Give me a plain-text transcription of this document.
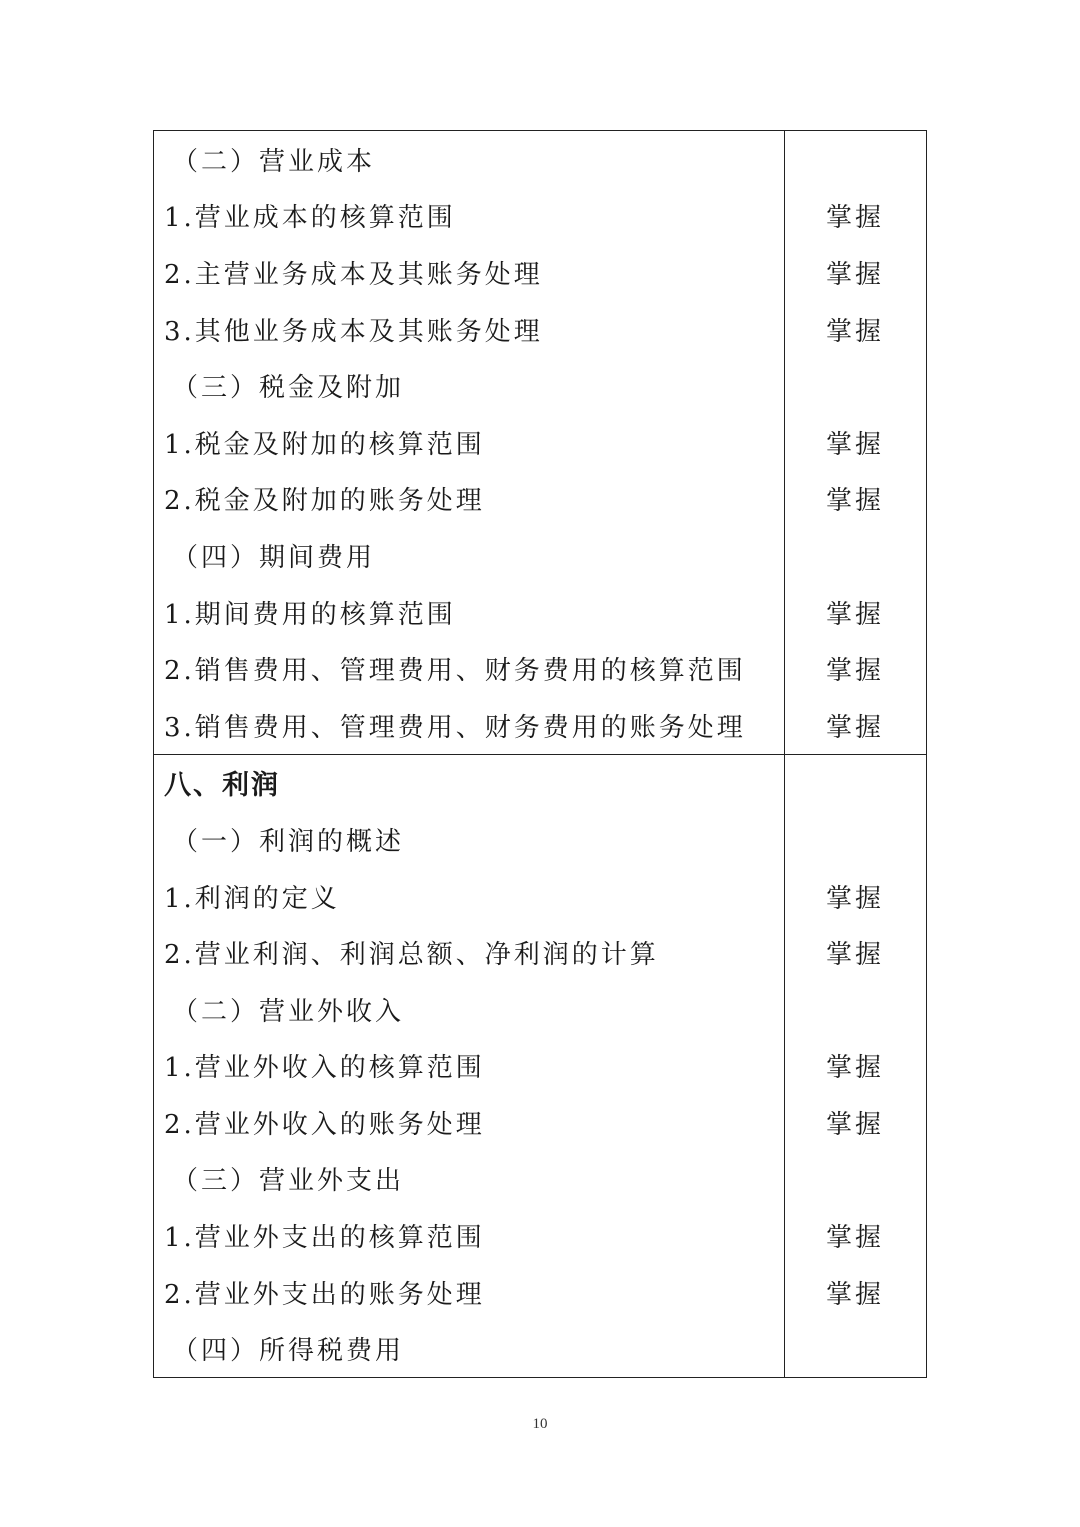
（二）营业成本
1.营业成本的核算范围	掌握
2.主营业务成本及其账务处理	掌握
3.其他业务成本及其账务处理	掌握
（三）税金及附加
1.税金及附加的核算范围	掌握
2.税金及附加的账务处理	掌握
（四）期间费用
1.期间费用的核算范围	掌握
2.销售费用、管理费用、财务费用的核算范围	掌握
3.销售费用、管理费用、财务费用的账务处理	掌握
八、利润
（一）利润的概述
1.利润的定义	掌握
2.营业利润、利润总额、净利润的计算	掌握
（二）营业外收入
1.营业外收入的核算范围	掌握
2.营业外收入的账务处理	掌握
（三）营业外支出
1.营业外支出的核算范围	掌握
2.营业外支出的账务处理	掌握
（四）所得税费用
10
